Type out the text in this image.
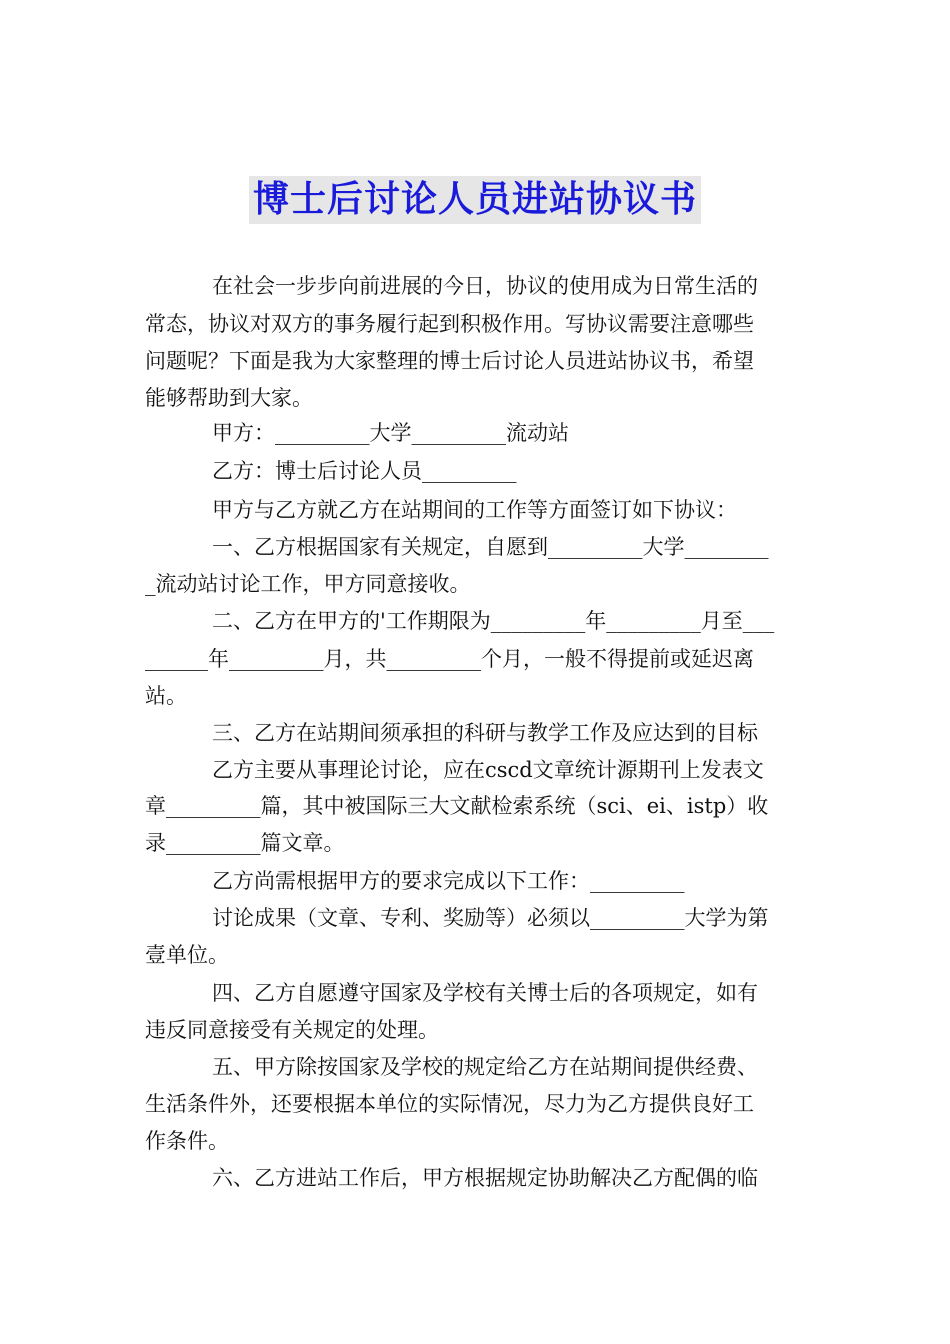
博士后讨论人员进站协议书
在社会一步步向前进展的今日，协议的使用成为日常生活的
常态，协议对双方的事务履行起到积极作用。写协议需要注意哪些
问题呢？下面是我为大家整理的博士后讨论人员进站协议书，希望
能够帮助到大家。
甲方：_________大学_________流动站
乙方：博士后讨论人员_________
甲方与乙方就乙方在站期间的工作等方面签订如下协议：
一、乙方根据国家有关规定，自愿到_________大学________
_流动站讨论工作，甲方同意接收。
二、乙方在甲方的'工作期限为_________年_________月至___
______年_________月，共_________个月，一般不得提前或延迟离
站。
三、乙方在站期间须承担的科研与教学工作及应达到的目标
乙方主要从事理论讨论，应在cscd文章统计源期刊上发表文
章_________篇，其中被国际三大文献检索系统（sci、ei、istp）收
录_________篇文章。
乙方尚需根据甲方的要求完成以下工作：_________
讨论成果（文章、专利、奖励等）必须以_________大学为第
壹单位。
四、乙方自愿遵守国家及学校有关博士后的各项规定，如有
违反同意接受有关规定的处理。
五、甲方除按国家及学校的规定给乙方在站期间提供经费、
生活条件外，还要根据本单位的实际情况，尽力为乙方提供良好工
作条件。
六、乙方进站工作后，甲方根据规定协助解决乙方配偶的临
